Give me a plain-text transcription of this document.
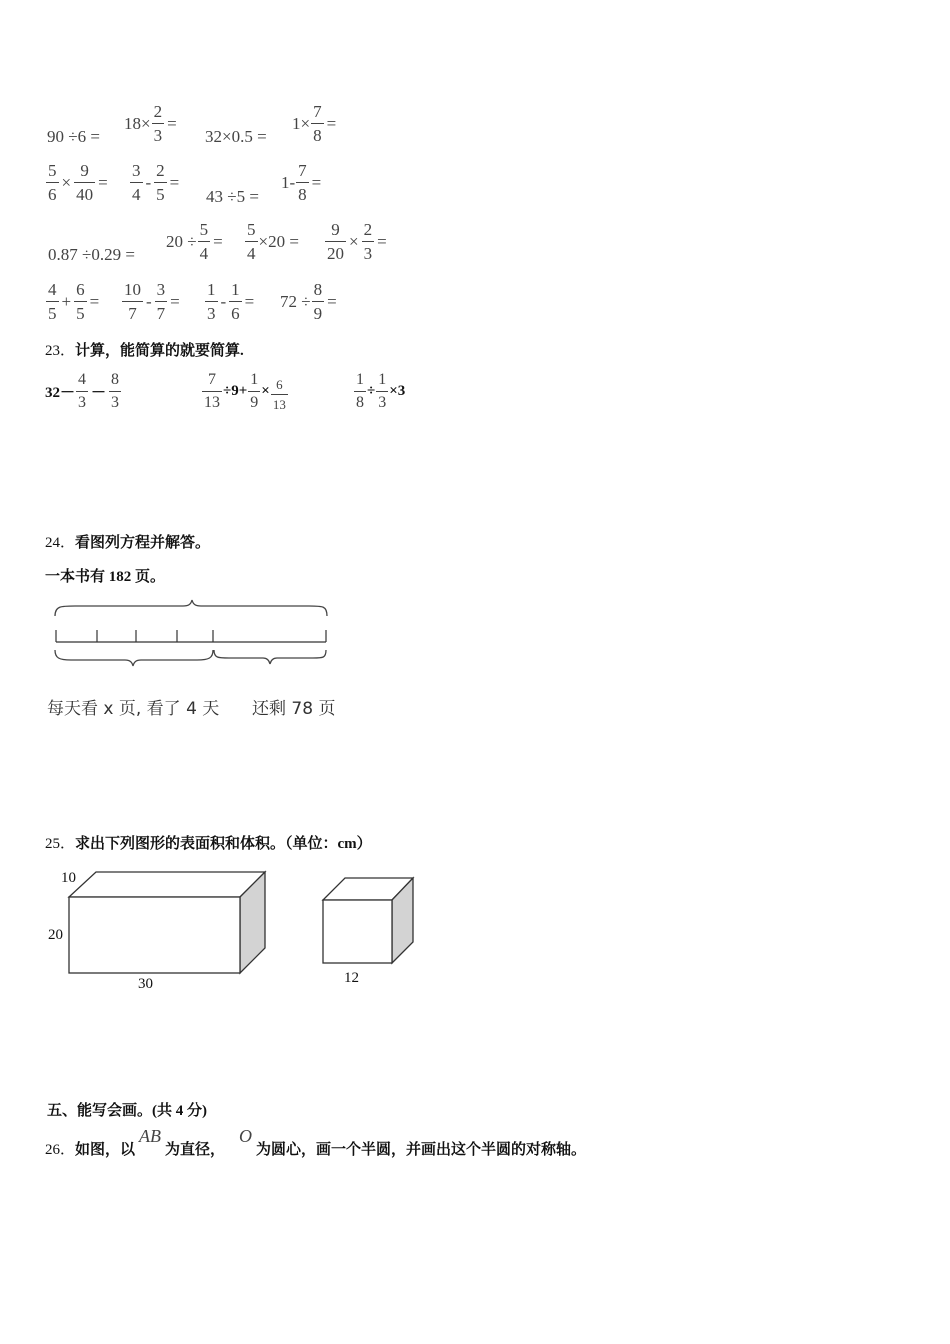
90 ÷6 =
$18\times \frac{2}{3}$ =
32×0.5 =
$1\times \frac{7}{8}$ =
$\frac{5}{6} \times \frac{9}{40} = \frac{3}{4} - \frac{2}{5}$ =
43 ÷5 =
$1- \frac{7}{8}$ =
0.87 ÷0.29 =
$20 \div \frac{5}{4} = \frac{5}{4} \times 20 = \frac{9}{20} \times \frac{2}{3}$ =
$\frac{4}{5} + \frac{6}{5} = \frac{10}{7} - \frac{3}{7} = \frac{1}{3} - \frac{1}{6} = 72 \div \frac{8}{9}$ =
23．计算，能简算的就要简算.
$32- \frac{4}{3} - \frac{8}{3}$	$\frac{7}{13} \div 9+ \frac{1}{9} \times \frac{6}{13}$	$\frac{1}{8} \div \frac{1}{3} \times 3$
24．看图列方程并解答。
一本书有 182 页。
每天看 x 页, 看了 4 天 还剩 78 页
25．求出下列图形的表面积和体积。（单位：cm）
10
20
30	12
五、能写会画。(共 4 分)
26．如图，以AB为直径，O为圆心，画一个半圆，并画出这个半圆的对称轴。
